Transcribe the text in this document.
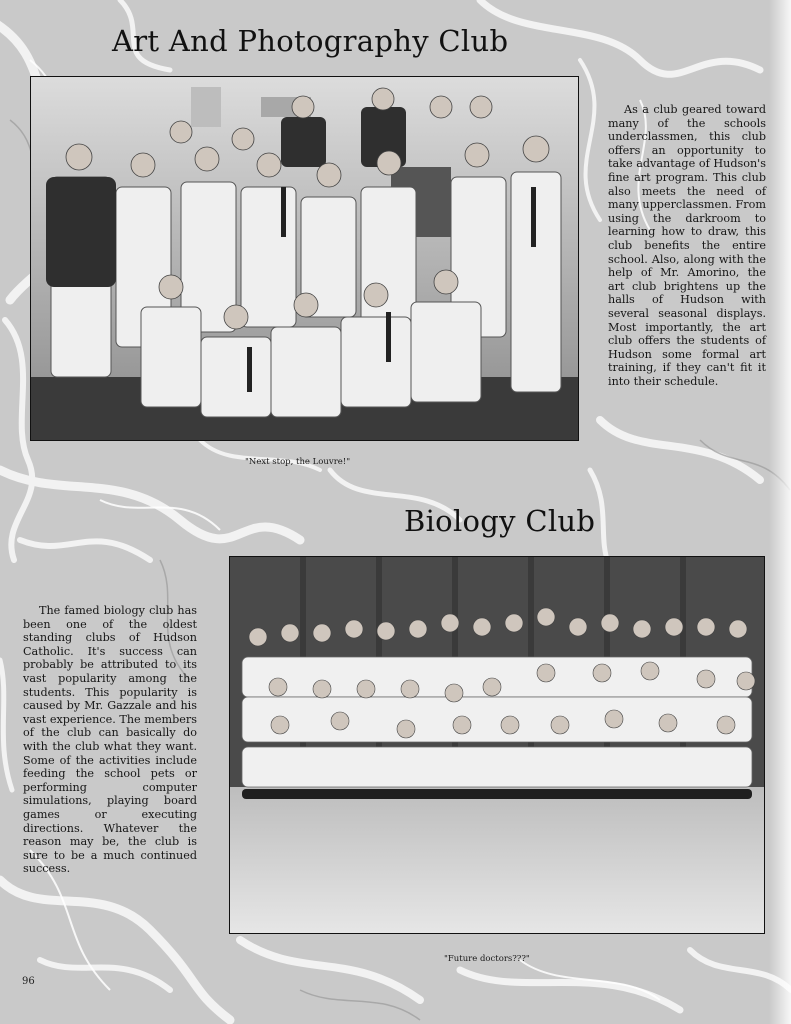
Art And Photography Club

As a club geared toward many of the schools underclassmen, this club offers an opportunity to take advantage of Hudson's fine art program. This club also meets the need of many upperclassmen. From using the darkroom to learning how to draw, this club benefits the entire school. Also, along with the help of Mr. Amorino, the art club brightens up the halls of Hudson with several seasonal displays. Most importantly, the art club offers the students of Hudson some formal art training, if they can't fit it into their schedule.

"Next stop, the Louvre!"

Biology Club

The famed biology club has been one of the oldest standing clubs of Hudson Catholic. It's success can probably be attributed to its vast popularity among the students. This popularity is caused by Mr. Gazzale and his vast experience. The members of the club can basically do with the club what they want. Some of the activities include feeding the school pets or performing computer simulations, playing board games or executing directions. Whatever the reason may be, the club is sure to be a much continued success.

"Future doctors???"

96
